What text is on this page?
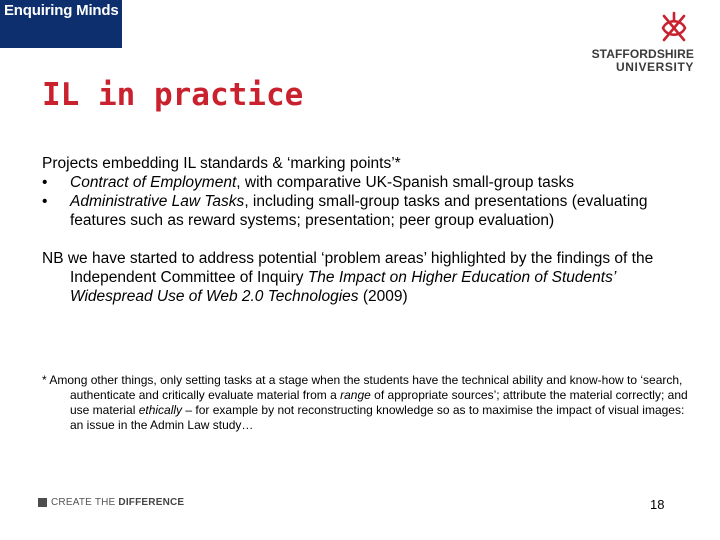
Enquiring Minds
STAFFORDSHIRE
UNIVERSITY
IL in practice
Projects embedding IL standards & ‘marking points’*
• Contract of Employment, with comparative UK-Spanish small-group tasks
• Administrative Law Tasks, including small-group tasks and presentations (evaluating features such as reward systems; presentation; peer group evaluation)
NB we have started to address potential ‘problem areas’ highlighted by the findings of the Independent Committee of Inquiry The Impact on Higher Education of Students’ Widespread Use of Web 2.0 Technologies (2009)
* Among other things, only setting tasks at a stage when the students have the technical ability and know-how to ‘search, authenticate and critically evaluate material from a range of appropriate sources’; attribute the material correctly; and use material ethically – for example by not reconstructing knowledge so as to maximise the impact of visual images: an issue in the Admin Law study…
CREATE THE DIFFERENCE	18
